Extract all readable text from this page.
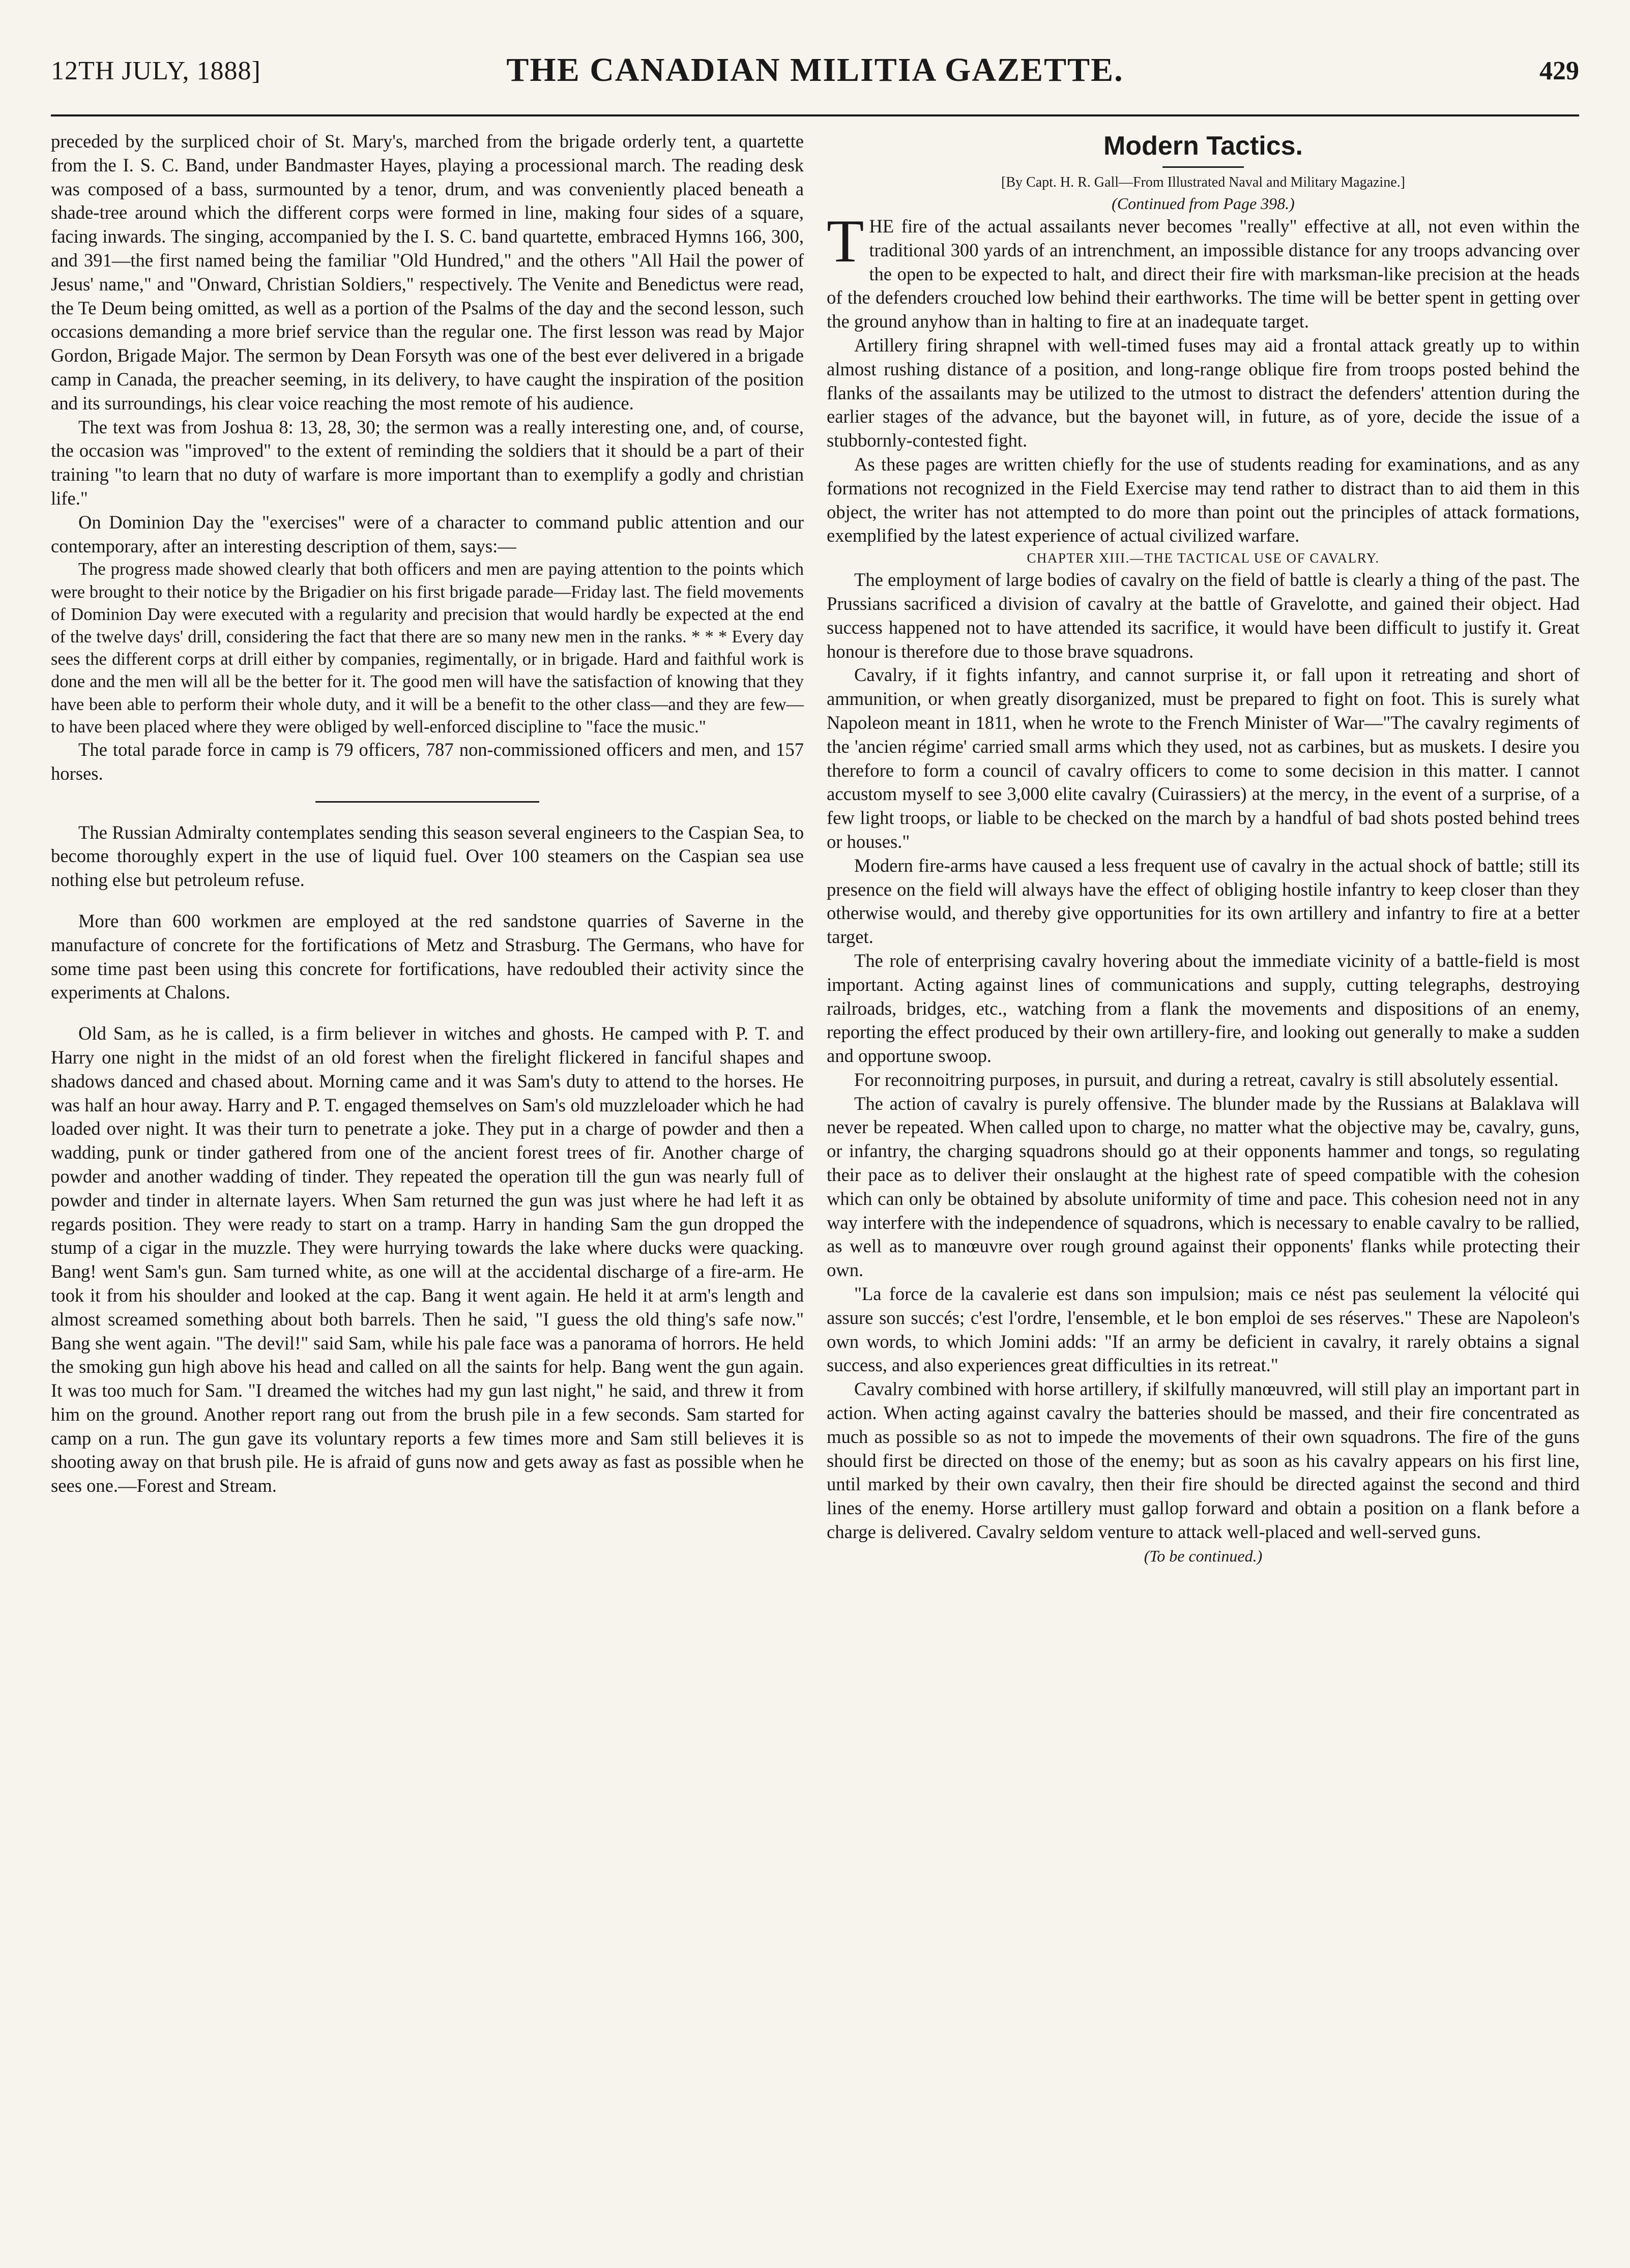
12TH JULY, 1888]	THE CANADIAN MILITIA GAZETTE.	429

preceded by the surpliced choir of St. Mary's, marched from the brigade orderly tent, a quartette from the I. S. C. Band, under Bandmaster Hayes, playing a processional march. The reading desk was composed of a bass, surmounted by a tenor, drum, and was conveniently placed beneath a shade-tree around which the different corps were formed in line, making four sides of a square, facing inwards. The singing, accompanied by the I. S. C. band quartette, embraced Hymns 166, 300, and 391—the first named being the familiar "Old Hundred," and the others "All Hail the power of Jesus' name," and "Onward, Christian Soldiers," respectively. The Venite and Benedictus were read, the Te Deum being omitted, as well as a portion of the Psalms of the day and the second lesson, such occasions demanding a more brief service than the regular one. The first lesson was read by Major Gordon, Brigade Major. The sermon by Dean Forsyth was one of the best ever delivered in a brigade camp in Canada, the preacher seeming, in its delivery, to have caught the inspiration of the position and its surroundings, his clear voice reaching the most remote of his audience.

The text was from Joshua 8: 13, 28, 30; the sermon was a really interesting one, and, of course, the occasion was "improved" to the extent of reminding the soldiers that it should be a part of their training "to learn that no duty of warfare is more important than to exemplify a godly and christian life."

On Dominion Day the "exercises" were of a character to command public attention and our contemporary, after an interesting description of them, says:—

The progress made showed clearly that both officers and men are paying attention to the points which were brought to their notice by the Brigadier on his first brigade parade—Friday last. The field movements of Dominion Day were executed with a regularity and precision that would hardly be expected at the end of the twelve days' drill, considering the fact that there are so many new men in the ranks. * * * Every day sees the different corps at drill either by companies, regimentally, or in brigade. Hard and faithful work is done and the men will all be the better for it. The good men will have the satisfaction of knowing that they have been able to perform their whole duty, and it will be a benefit to the other class—and they are few—to have been placed where they were obliged by well-enforced discipline to "face the music."

The total parade force in camp is 79 officers, 787 non-commissioned officers and men, and 157 horses.

The Russian Admiralty contemplates sending this season several engineers to the Caspian Sea, to become thoroughly expert in the use of liquid fuel. Over 100 steamers on the Caspian sea use nothing else but petroleum refuse.

More than 600 workmen are employed at the red sandstone quarries of Saverne in the manufacture of concrete for the fortifications of Metz and Strasburg. The Germans, who have for some time past been using this concrete for fortifications, have redoubled their activity since the experiments at Chalons.

Old Sam, as he is called, is a firm believer in witches and ghosts. He camped with P. T. and Harry one night in the midst of an old forest when the firelight flickered in fanciful shapes and shadows danced and chased about. Morning came and it was Sam's duty to attend to the horses. He was half an hour away. Harry and P. T. engaged themselves on Sam's old muzzleloader which he had loaded over night. It was their turn to penetrate a joke. They put in a charge of powder and then a wadding, punk or tinder gathered from one of the ancient forest trees of fir. Another charge of powder and another wadding of tinder. They repeated the operation till the gun was nearly full of powder and tinder in alternate layers. When Sam returned the gun was just where he had left it as regards position. They were ready to start on a tramp. Harry in handing Sam the gun dropped the stump of a cigar in the muzzle. They were hurrying towards the lake where ducks were quacking. Bang! went Sam's gun. Sam turned white, as one will at the accidental discharge of a fire-arm. He took it from his shoulder and looked at the cap. Bang it went again. He held it at arm's length and almost screamed something about both barrels. Then he said, "I guess the old thing's safe now." Bang she went again. "The devil!" said Sam, while his pale face was a panorama of horrors. He held the smoking gun high above his head and called on all the saints for help. Bang went the gun again. It was too much for Sam. "I dreamed the witches had my gun last night," he said, and threw it from him on the ground. Another report rang out from the brush pile in a few seconds. Sam started for camp on a run. The gun gave its voluntary reports a few times more and Sam still believes it is shooting away on that brush pile. He is afraid of guns now and gets away as fast as possible when he sees one.—Forest and Stream.

Modern Tactics.

[By Capt. H. R. Gall—From Illustrated Naval and Military Magazine.]

(Continued from Page 398.)

THE fire of the actual assailants never becomes "really" effective at all, not even within the traditional 300 yards of an intrenchment, an impossible distance for any troops advancing over the open to be expected to halt, and direct their fire with marksman-like precision at the heads of the defenders crouched low behind their earthworks. The time will be better spent in getting over the ground anyhow than in halting to fire at an inadequate target.

Artillery firing shrapnel with well-timed fuses may aid a frontal attack greatly up to within almost rushing distance of a position, and long-range oblique fire from troops posted behind the flanks of the assailants may be utilized to the utmost to distract the defenders' attention during the earlier stages of the advance, but the bayonet will, in future, as of yore, decide the issue of a stubbornly-contested fight.

As these pages are written chiefly for the use of students reading for examinations, and as any formations not recognized in the Field Exercise may tend rather to distract than to aid them in this object, the writer has not attempted to do more than point out the principles of attack formations, exemplified by the latest experience of actual civilized warfare.

CHAPTER XIII.—THE TACTICAL USE OF CAVALRY.

The employment of large bodies of cavalry on the field of battle is clearly a thing of the past. The Prussians sacrificed a division of cavalry at the battle of Gravelotte, and gained their object. Had success happened not to have attended its sacrifice, it would have been difficult to justify it. Great honour is therefore due to those brave squadrons.

Cavalry, if it fights infantry, and cannot surprise it, or fall upon it retreating and short of ammunition, or when greatly disorganized, must be prepared to fight on foot. This is surely what Napoleon meant in 1811, when he wrote to the French Minister of War—"The cavalry regiments of the 'ancien régime' carried small arms which they used, not as carbines, but as muskets. I desire you therefore to form a council of cavalry officers to come to some decision in this matter. I cannot accustom myself to see 3,000 elite cavalry (Cuirassiers) at the mercy, in the event of a surprise, of a few light troops, or liable to be checked on the march by a handful of bad shots posted behind trees or houses."

Modern fire-arms have caused a less frequent use of cavalry in the actual shock of battle; still its presence on the field will always have the effect of obliging hostile infantry to keep closer than they otherwise would, and thereby give opportunities for its own artillery and infantry to fire at a better target.

The role of enterprising cavalry hovering about the immediate vicinity of a battle-field is most important. Acting against lines of communications and supply, cutting telegraphs, destroying railroads, bridges, etc., watching from a flank the movements and dispositions of an enemy, reporting the effect produced by their own artillery-fire, and looking out generally to make a sudden and opportune swoop.

For reconnoitring purposes, in pursuit, and during a retreat, cavalry is still absolutely essential.

The action of cavalry is purely offensive. The blunder made by the Russians at Balaklava will never be repeated. When called upon to charge, no matter what the objective may be, cavalry, guns, or infantry, the charging squadrons should go at their opponents hammer and tongs, so regulating their pace as to deliver their onslaught at the highest rate of speed compatible with the cohesion which can only be obtained by absolute uniformity of time and pace. This cohesion need not in any way interfere with the independence of squadrons, which is necessary to enable cavalry to be rallied, as well as to manœuvre over rough ground against their opponents' flanks while protecting their own.

"La force de la cavalerie est dans son impulsion; mais ce nést pas seulement la vélocité qui assure son succés; c'est l'ordre, l'ensemble, et le bon emploi de ses réserves." These are Napoleon's own words, to which Jomini adds: "If an army be deficient in cavalry, it rarely obtains a signal success, and also experiences great difficulties in its retreat."

Cavalry combined with horse artillery, if skilfully manœuvred, will still play an important part in action. When acting against cavalry the batteries should be massed, and their fire concentrated as much as possible so as not to impede the movements of their own squadrons. The fire of the guns should first be directed on those of the enemy; but as soon as his cavalry appears on his first line, until marked by their own cavalry, then their fire should be directed against the second and third lines of the enemy. Horse artillery must gallop forward and obtain a position on a flank before a charge is delivered. Cavalry seldom venture to attack well-placed and well-served guns.

(To be continued.)
